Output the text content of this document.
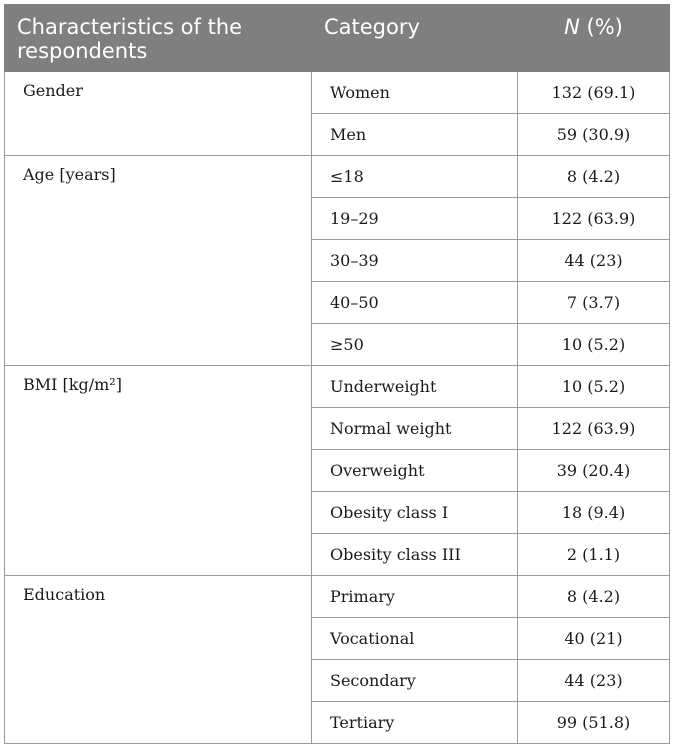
Characteristics of the respondents	Category	N (%)
Gender	Women	132 (69.1)
	Men	59 (30.9)
Age [years]	≤18	8 (4.2)
	19–29	122 (63.9)
	30–39	44 (23)
	40–50	7 (3.7)
	≥50	10 (5.2)
BMI [kg/m²]	Underweight	10 (5.2)
	Normal weight	122 (63.9)
	Overweight	39 (20.4)
	Obesity class I	18 (9.4)
	Obesity class III	2 (1.1)
Education	Primary	8 (4.2)
	Vocational	40 (21)
	Secondary	44 (23)
	Tertiary	99 (51.8)
